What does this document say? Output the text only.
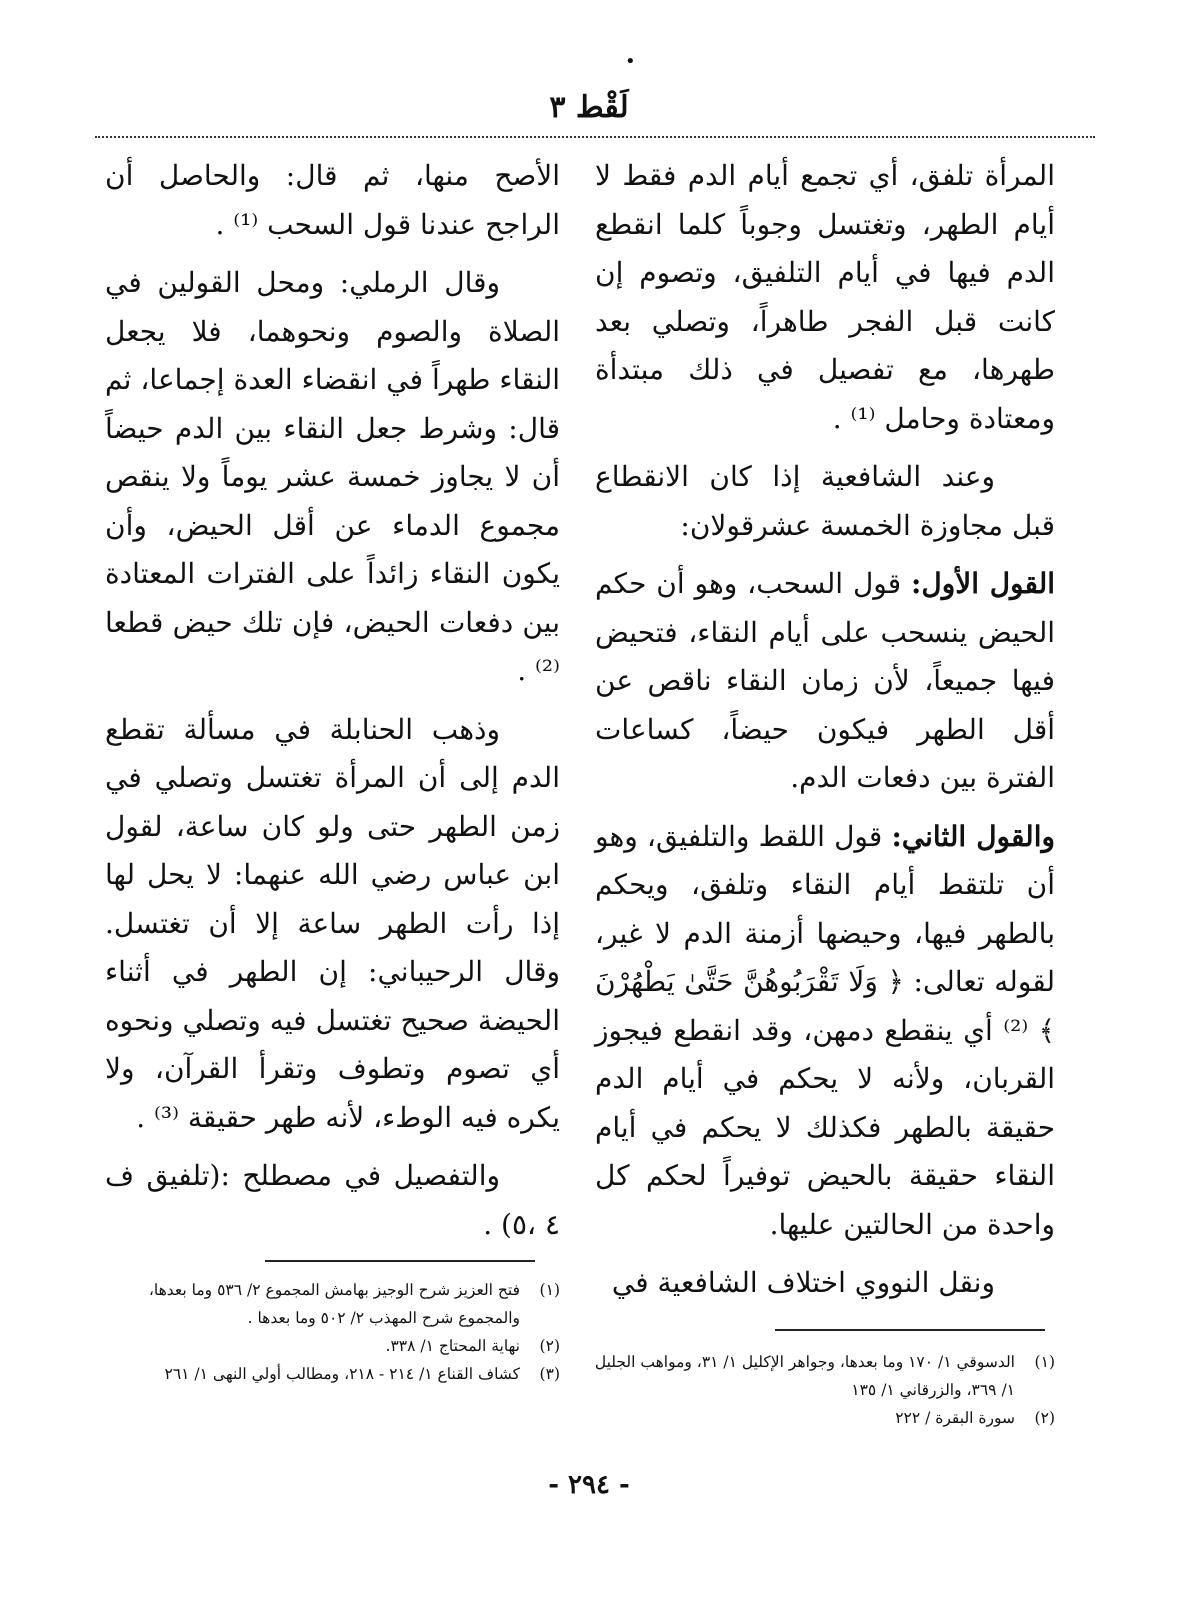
•
لَقْط ٣

المرأة تلفق، أي تجمع أيام الدم فقط لا أيام الطهر، وتغتسل وجوباً كلما انقطع الدم فيها في أيام التلفيق، وتصوم إن كانت قبل الفجر طاهراً، وتصلي بعد طهرها، مع تفصيل في ذلك مبتدأة ومعتادة وحامل ⁽¹⁾ .

وعند الشافعية إذا كان الانقطاع قبل مجاوزة الخمسة عشرقولان:

القول الأول: قول السحب، وهو أن حكم الحيض ينسحب على أيام النقاء، فتحيض فيها جميعاً، لأن زمان النقاء ناقص عن أقل الطهر فيكون حيضاً، كساعات الفترة بين دفعات الدم.

والقول الثاني: قول اللقط والتلفيق، وهو أن تلتقط أيام النقاء وتلفق، ويحكم بالطهر فيها، وحيضها أزمنة الدم لا غير، لقوله تعالى: ﴿ وَلَا تَقْرَبُوهُنَّ حَتَّىٰ يَطْهُرْنَ ﴾ ⁽²⁾ أي ينقطع دمهن، وقد انقطع فيجوز القربان، ولأنه لا يحكم في أيام الدم حقيقة بالطهر فكذلك لا يحكم في أيام النقاء حقيقة بالحيض توفيراً لحكم كل واحدة من الحالتين عليها.

ونقل النووي اختلاف الشافعية في

الأصح منها، ثم قال: والحاصل أن الراجح عندنا قول السحب ⁽¹⁾ .

وقال الرملي: ومحل القولين في الصلاة والصوم ونحوهما، فلا يجعل النقاء طهراً في انقضاء العدة إجماعا، ثم قال: وشرط جعل النقاء بين الدم حيضاً أن لا يجاوز خمسة عشر يوماً ولا ينقص مجموع الدماء عن أقل الحيض، وأن يكون النقاء زائداً على الفترات المعتادة بين دفعات الحيض، فإن تلك حيض قطعا ⁽²⁾ .

وذهب الحنابلة في مسألة تقطع الدم إلى أن المرأة تغتسل وتصلي في زمن الطهر حتى ولو كان ساعة، لقول ابن عباس رضي الله عنهما: لا يحل لها إذا رأت الطهر ساعة إلا أن تغتسل. وقال الرحيباني: إن الطهر في أثناء الحيضة صحيح تغتسل فيه وتصلي ونحوه أي تصوم وتطوف وتقرأ القرآن، ولا يكره فيه الوطء، لأنه طهر حقيقة ⁽³⁾ .

والتفصيل في مصطلح :(تلفيق ف ٤ ،٥) .

(١)الدسوقي ١/ ١٧٠ وما بعدها، وجواهر الإكليل ١/ ٣١، ومواهب الجليل ١/ ٣٦٩، والزرقاني ١/ ١٣٥

(٢)سورة البقرة / ٢٢٢

(١)فتح العزيز شرح الوجيز بهامش المجموع ٢/ ٥٣٦ وما بعدها، والمجموع شرح المهذب ٢/ ٥٠٢ وما بعدها .

(٢)نهاية المحتاج ١/ ٣٣٨.

(٣)كشاف القناع ١/ ٢١٤ - ٢١٨، ومطالب أولي النهى ١/ ٢٦١

- ٢٩٤ -
